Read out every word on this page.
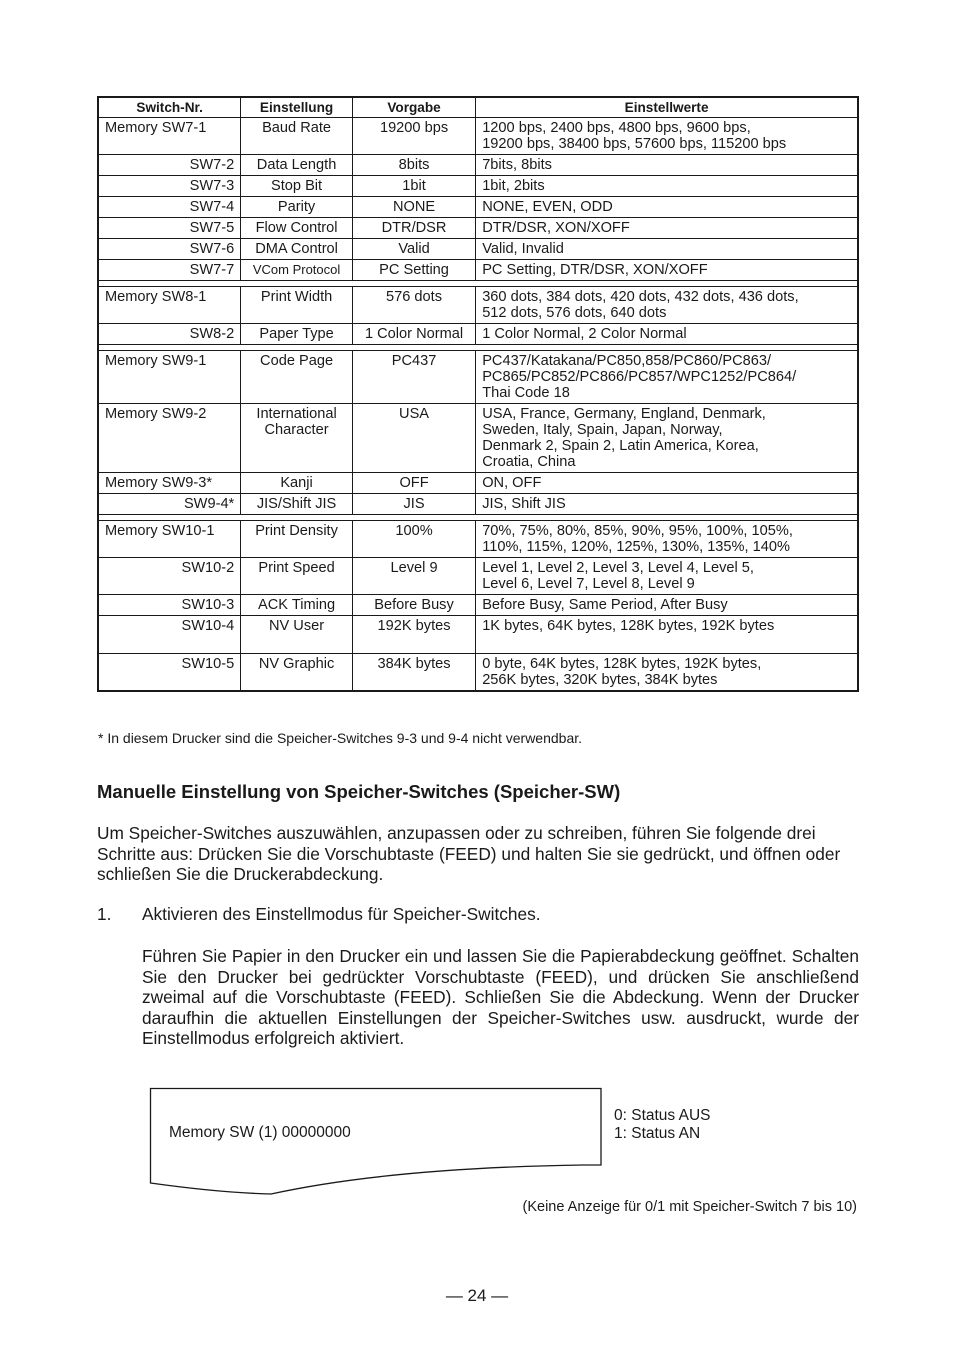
Switch-Nr.	Einstellung	Vorgabe	Einstellwerte

Memory SW7-1	Baud Rate	19200 bps	1200 bps, 2400 bps, 4800 bps, 9600 bps,
19200 bps, 38400 bps, 57600 bps, 115200 bps

SW7-2	Data Length	8bits	7bits, 8bits

SW7-3	Stop Bit	1bit	1bit, 2bits

SW7-4	Parity	NONE	NONE, EVEN, ODD

SW7-5	Flow Control	DTR/DSR	DTR/DSR, XON/XOFF

SW7-6	DMA Control	Valid	Valid, Invalid

SW7-7	VCom Protocol	PC Setting	PC Setting, DTR/DSR, XON/XOFF

Memory SW8-1	Print Width	576 dots	360 dots, 384 dots, 420 dots, 432 dots, 436 dots,
512 dots, 576 dots, 640 dots

SW8-2	Paper Type	1 Color Normal	1 Color Normal, 2 Color Normal

Memory SW9-1	Code Page	PC437	PC437/Katakana/PC850,858/PC860/PC863/
PC865/PC852/PC866/PC857/WPC1252/PC864/
Thai Code 18

Memory SW9-2	International Character	USA	USA, France, Germany, England, Denmark,
Sweden, Italy, Spain, Japan, Norway,
Denmark 2, Spain 2, Latin America, Korea,
Croatia, China

Memory SW9-3*	Kanji	OFF	ON, OFF

SW9-4*	JIS/Shift JIS	JIS	JIS, Shift JIS

Memory SW10-1	Print Density	100%	70%, 75%, 80%, 85%, 90%, 95%, 100%, 105%,
110%, 115%, 120%, 125%, 130%, 135%, 140%

SW10-2	Print Speed	Level 9	Level 1, Level 2, Level 3, Level 4, Level 5,
Level 6, Level 7, Level 8, Level 9

SW10-3	ACK Timing	Before Busy	Before Busy, Same Period, After Busy

SW10-4	NV User	192K bytes	1K bytes, 64K bytes, 128K bytes, 192K bytes

SW10-5	NV Graphic	384K bytes	0 byte, 64K bytes, 128K bytes, 192K bytes,
256K bytes, 320K bytes, 384K bytes
* In diesem Drucker sind die Speicher-Switches 9-3 und 9-4 nicht verwendbar.
Manuelle Einstellung von Speicher-Switches (Speicher-SW)

Um Speicher-Switches auszuwählen, anzupassen oder zu schreiben, führen Sie folgende drei Schritte aus: Drücken Sie die Vorschubtaste (FEED) und halten Sie sie gedrückt, und öffnen oder schließen Sie die Druckerabdeckung.

1. Aktivieren des Einstellmodus für Speicher-Switches.

Führen Sie Papier in den Drucker ein und lassen Sie die Papierabdeckung geöffnet. Schalten Sie den Drucker bei gedrückter Vorschubtaste (FEED), und drücken Sie anschließend zweimal auf die Vorschubtaste (FEED). Schließen Sie die Abdeckung. Wenn der Drucker daraufhin die aktuellen Einstellungen der Speicher-Switches usw. ausdruckt, wurde der Einstellmodus erfolgreich aktiviert.

Memory SW (1) 00000000
0: Status AUS
1: Status AN
(Keine Anzeige für 0/1 mit Speicher-Switch 7 bis 10)
— 24 —
